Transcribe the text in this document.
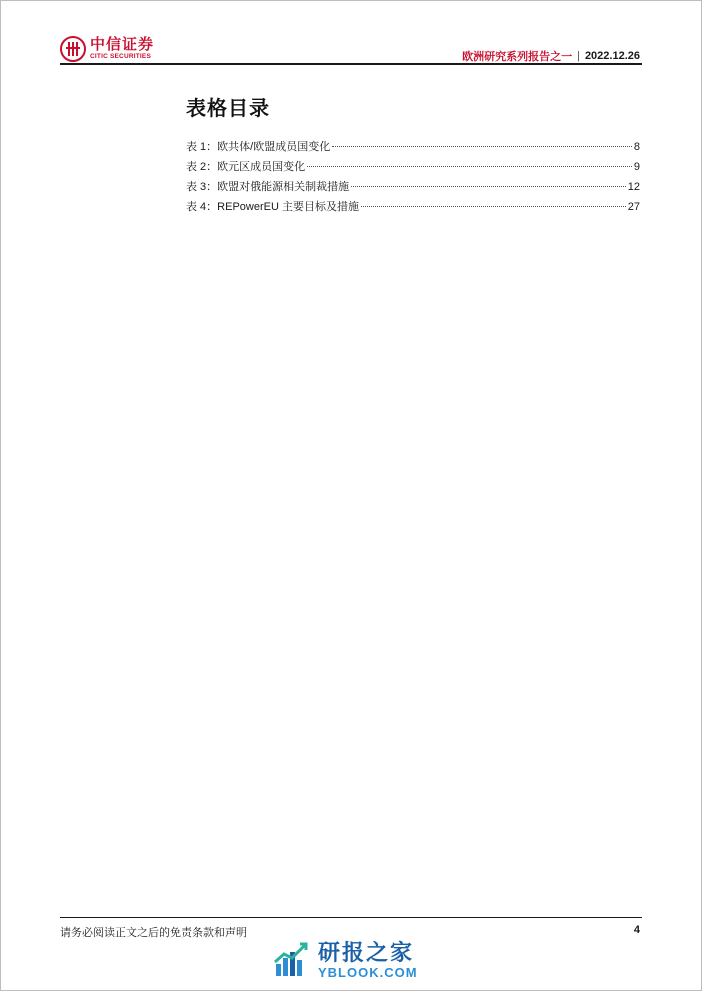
中信证券
CITIC SECURITIES	欧洲研究系列报告之一 | 2022.12.26
表格目录
表 1：欧共体/欧盟成员国变化	8
表 2：欧元区成员国变化	9
表 3：欧盟对俄能源相关制裁措施	12
表 4：REPowerEU 主要目标及措施	27
请务必阅读正文之后的免责条款和声明	4
研报之家
YBLOOK.COM
